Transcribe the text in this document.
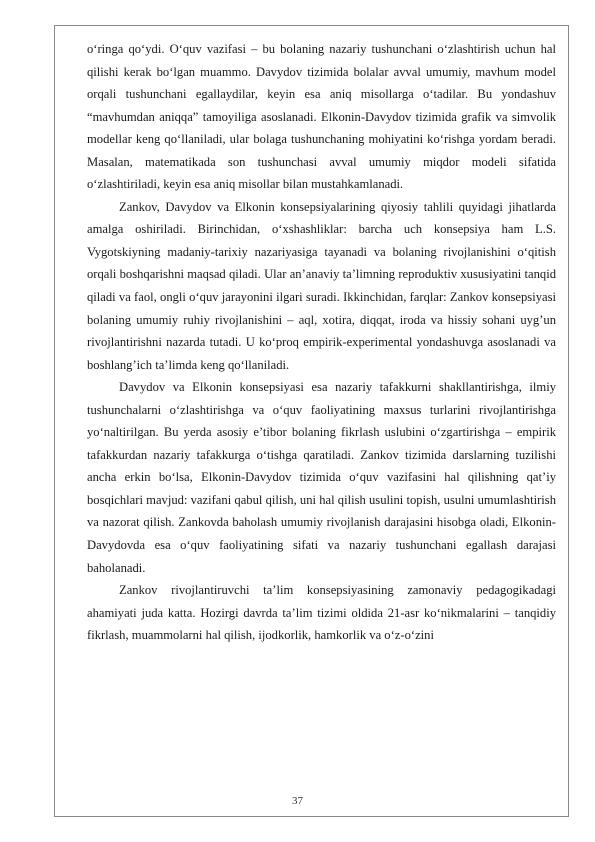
o‘ringa qo‘ydi. O‘quv vazifasi – bu bolaning nazariy tushunchani o‘zlashtirish uchun hal qilishi kerak bo‘lgan muammo. Davydov tizimida bolalar avval umumiy, mavhum model orqali tushunchani egallaydilar, keyin esa aniq misollarga o‘tadilar. Bu yondashuv “mavhumdan aniqqa” tamoyiliga asoslanadi. Elkonin-Davydov tizimida grafik va simvolik modellar keng qo‘llaniladi, ular bolaga tushunchaning mohiyatini ko‘rishga yordam beradi. Masalan, matematikada son tushunchasi avval umumiy miqdor modeli sifatida o‘zlashtiriladi, keyin esa aniq misollar bilan mustahkamlanadi.

Zankov, Davydov va Elkonin konsepsiyalarining qiyosiy tahlili quyidagi jihatlarda amalga oshiriladi. Birinchidan, o‘xshashliklar: barcha uch konsepsiya ham L.S. Vygotskiyning madaniy-tarixiy nazariyasiga tayanadi va bolaning rivojlanishini o‘qitish orqali boshqarishni maqsad qiladi. Ular an’anaviy ta’limning reproduktiv xususiyatini tanqid qiladi va faol, ongli o‘quv jarayonini ilgari suradi. Ikkinchidan, farqlar: Zankov konsepsiyasi bolaning umumiy ruhiy rivojlanishini – aql, xotira, diqqat, iroda va hissiy sohani uyg’un rivojlantirishni nazarda tutadi. U ko‘proq empirik-experimental yondashuvga asoslanadi va boshlang’ich ta’limda keng qo‘llaniladi.

Davydov va Elkonin konsepsiyasi esa nazariy tafakkurni shakllantirishga, ilmiy tushunchalarni o‘zlashtirishga va o‘quv faoliyatining maxsus turlarini rivojlantirishga yo‘naltirilgan. Bu yerda asosiy e’tibor bolaning fikrlash uslubini o‘zgartirishga – empirik tafakkurdan nazariy tafakkurga o‘tishga qaratiladi. Zankov tizimida darslarning tuzilishi ancha erkin bo‘lsa, Elkonin-Davydov tizimida o‘quv vazifasini hal qilishning qat’iy bosqichlari mavjud: vazifani qabul qilish, uni hal qilish usulini topish, usulni umumlashtirish va nazorat qilish. Zankovda baholash umumiy rivojlanish darajasini hisobga oladi, Elkonin-Davydovda esa o‘quv faoliyatining sifati va nazariy tushunchani egallash darajasi baholanadi.

Zankov rivojlantiruvchi ta’lim konsepsiyasining zamonaviy pedagogikadagi ahamiyati juda katta. Hozirgi davrda ta’lim tizimi oldida 21-asr ko‘nikmalarini – tanqidiy fikrlash, muammolarni hal qilish, ijodkorlik, hamkorlik va o‘z-o‘zini

37
